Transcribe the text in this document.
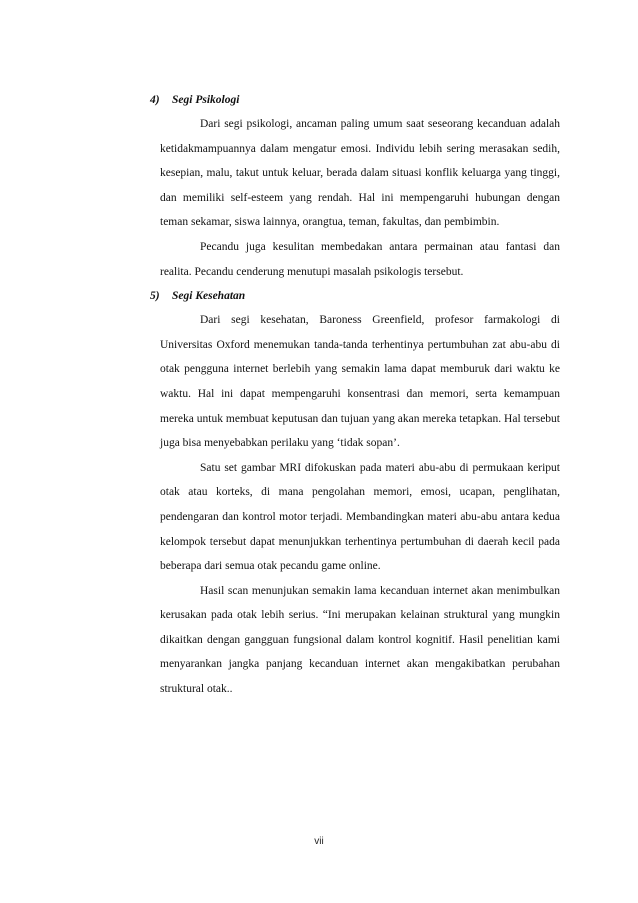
4) Segi Psikologi

Dari segi psikologi, ancaman paling umum saat seseorang kecanduan adalah ketidakmampuannya dalam mengatur emosi. Individu lebih sering merasakan sedih, kesepian, malu, takut untuk keluar, berada dalam situasi konflik keluarga yang tinggi, dan memiliki self-esteem yang rendah. Hal ini mempengaruhi hubungan dengan teman sekamar, siswa lainnya, orangtua, teman, fakultas, dan pembimbin.

Pecandu juga kesulitan membedakan antara permainan atau fantasi dan realita. Pecandu cenderung menutupi masalah psikologis tersebut.

5) Segi Kesehatan

Dari segi kesehatan, Baroness Greenfield, profesor farmakologi di Universitas Oxford menemukan tanda-tanda terhentinya pertumbuhan zat abu-abu di otak pengguna internet berlebih yang semakin lama dapat memburuk dari waktu ke waktu. Hal ini dapat mempengaruhi konsentrasi dan memori, serta kemampuan mereka untuk membuat keputusan dan tujuan yang akan mereka tetapkan. Hal tersebut juga bisa menyebabkan perilaku yang ‘tidak sopan’.

Satu set gambar MRI difokuskan pada materi abu-abu di permukaan keriput otak atau korteks, di mana pengolahan memori, emosi, ucapan, penglihatan, pendengaran dan kontrol motor terjadi. Membandingkan materi abu-abu antara kedua kelompok tersebut dapat menunjukkan terhentinya pertumbuhan di daerah kecil pada beberapa dari semua otak pecandu game online.

Hasil scan menunjukan semakin lama kecanduan internet akan menimbulkan kerusakan pada otak lebih serius. “Ini merupakan kelainan struktural yang mungkin dikaitkan dengan gangguan fungsional dalam kontrol kognitif. Hasil penelitian kami menyarankan jangka panjang kecanduan internet akan mengakibatkan perubahan struktural otak..

vii
